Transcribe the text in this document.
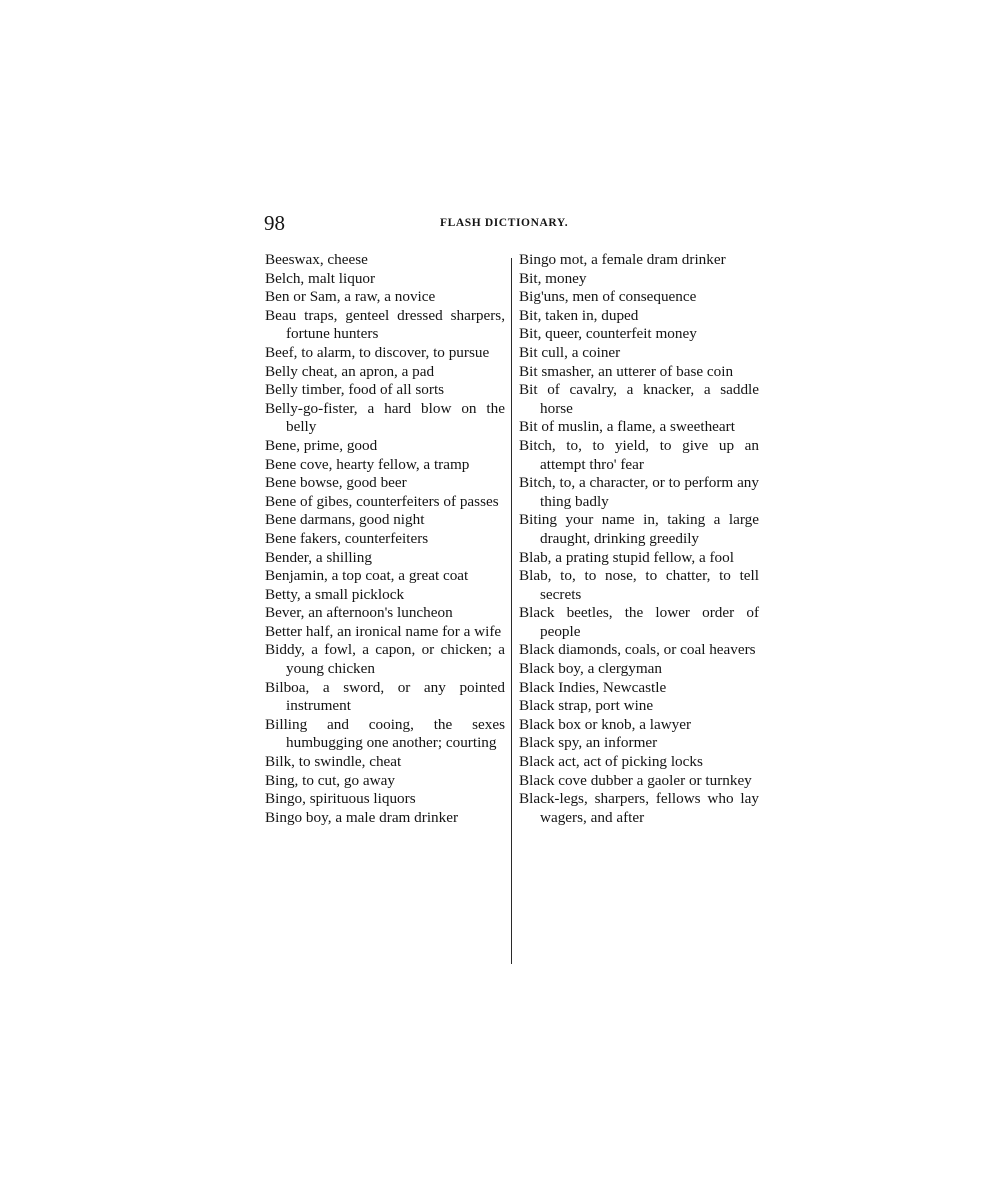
98	FLASH DICTIONARY.
Beeswax, cheese
Belch, malt liquor
Ben or Sam, a raw, a novice
Beau traps, genteel dressed sharpers, fortune hunters
Beef, to alarm, to discover, to pursue
Belly cheat, an apron, a pad
Belly timber, food of all sorts
Belly-go-fister, a hard blow on the belly
Bene, prime, good
Bene cove, hearty fellow, a tramp
Bene bowse, good beer
Bene of gibes, counterfeiters of passes
Bene darmans, good night
Bene fakers, counterfeiters
Bender, a shilling
Benjamin, a top coat, a great coat
Betty, a small picklock
Bever, an afternoon's luncheon
Better half, an ironical name for a wife
Biddy, a fowl, a capon, or chicken; a young chicken
Bilboa, a sword, or any pointed instrument
Billing and cooing, the sexes humbugging one another; courting
Bilk, to swindle, cheat
Bing, to cut, go away
Bingo, spirituous liquors
Bingo boy, a male dram drinker
Bingo mot, a female dram drinker
Bit, money
Big'uns, men of consequence
Bit, taken in, duped
Bit, queer, counterfeit money
Bit cull, a coiner
Bit smasher, an utterer of base coin
Bit of cavalry, a knacker, a saddle horse
Bit of muslin, a flame, a sweetheart
Bitch, to, to yield, to give up an attempt thro' fear
Bitch, to, a character, or to perform any thing badly
Biting your name in, taking a large draught, drinking greedily
Blab, a prating stupid fellow, a fool
Blab, to, to nose, to chatter, to tell secrets
Black beetles, the lower order of people
Black diamonds, coals, or coal heavers
Black boy, a clergyman
Black Indies, Newcastle
Black strap, port wine
Black box or knob, a lawyer
Black spy, an informer
Black act, act of picking locks
Black cove dubber a gaoler or turnkey
Black-legs, sharpers, fellows who lay wagers, and after
